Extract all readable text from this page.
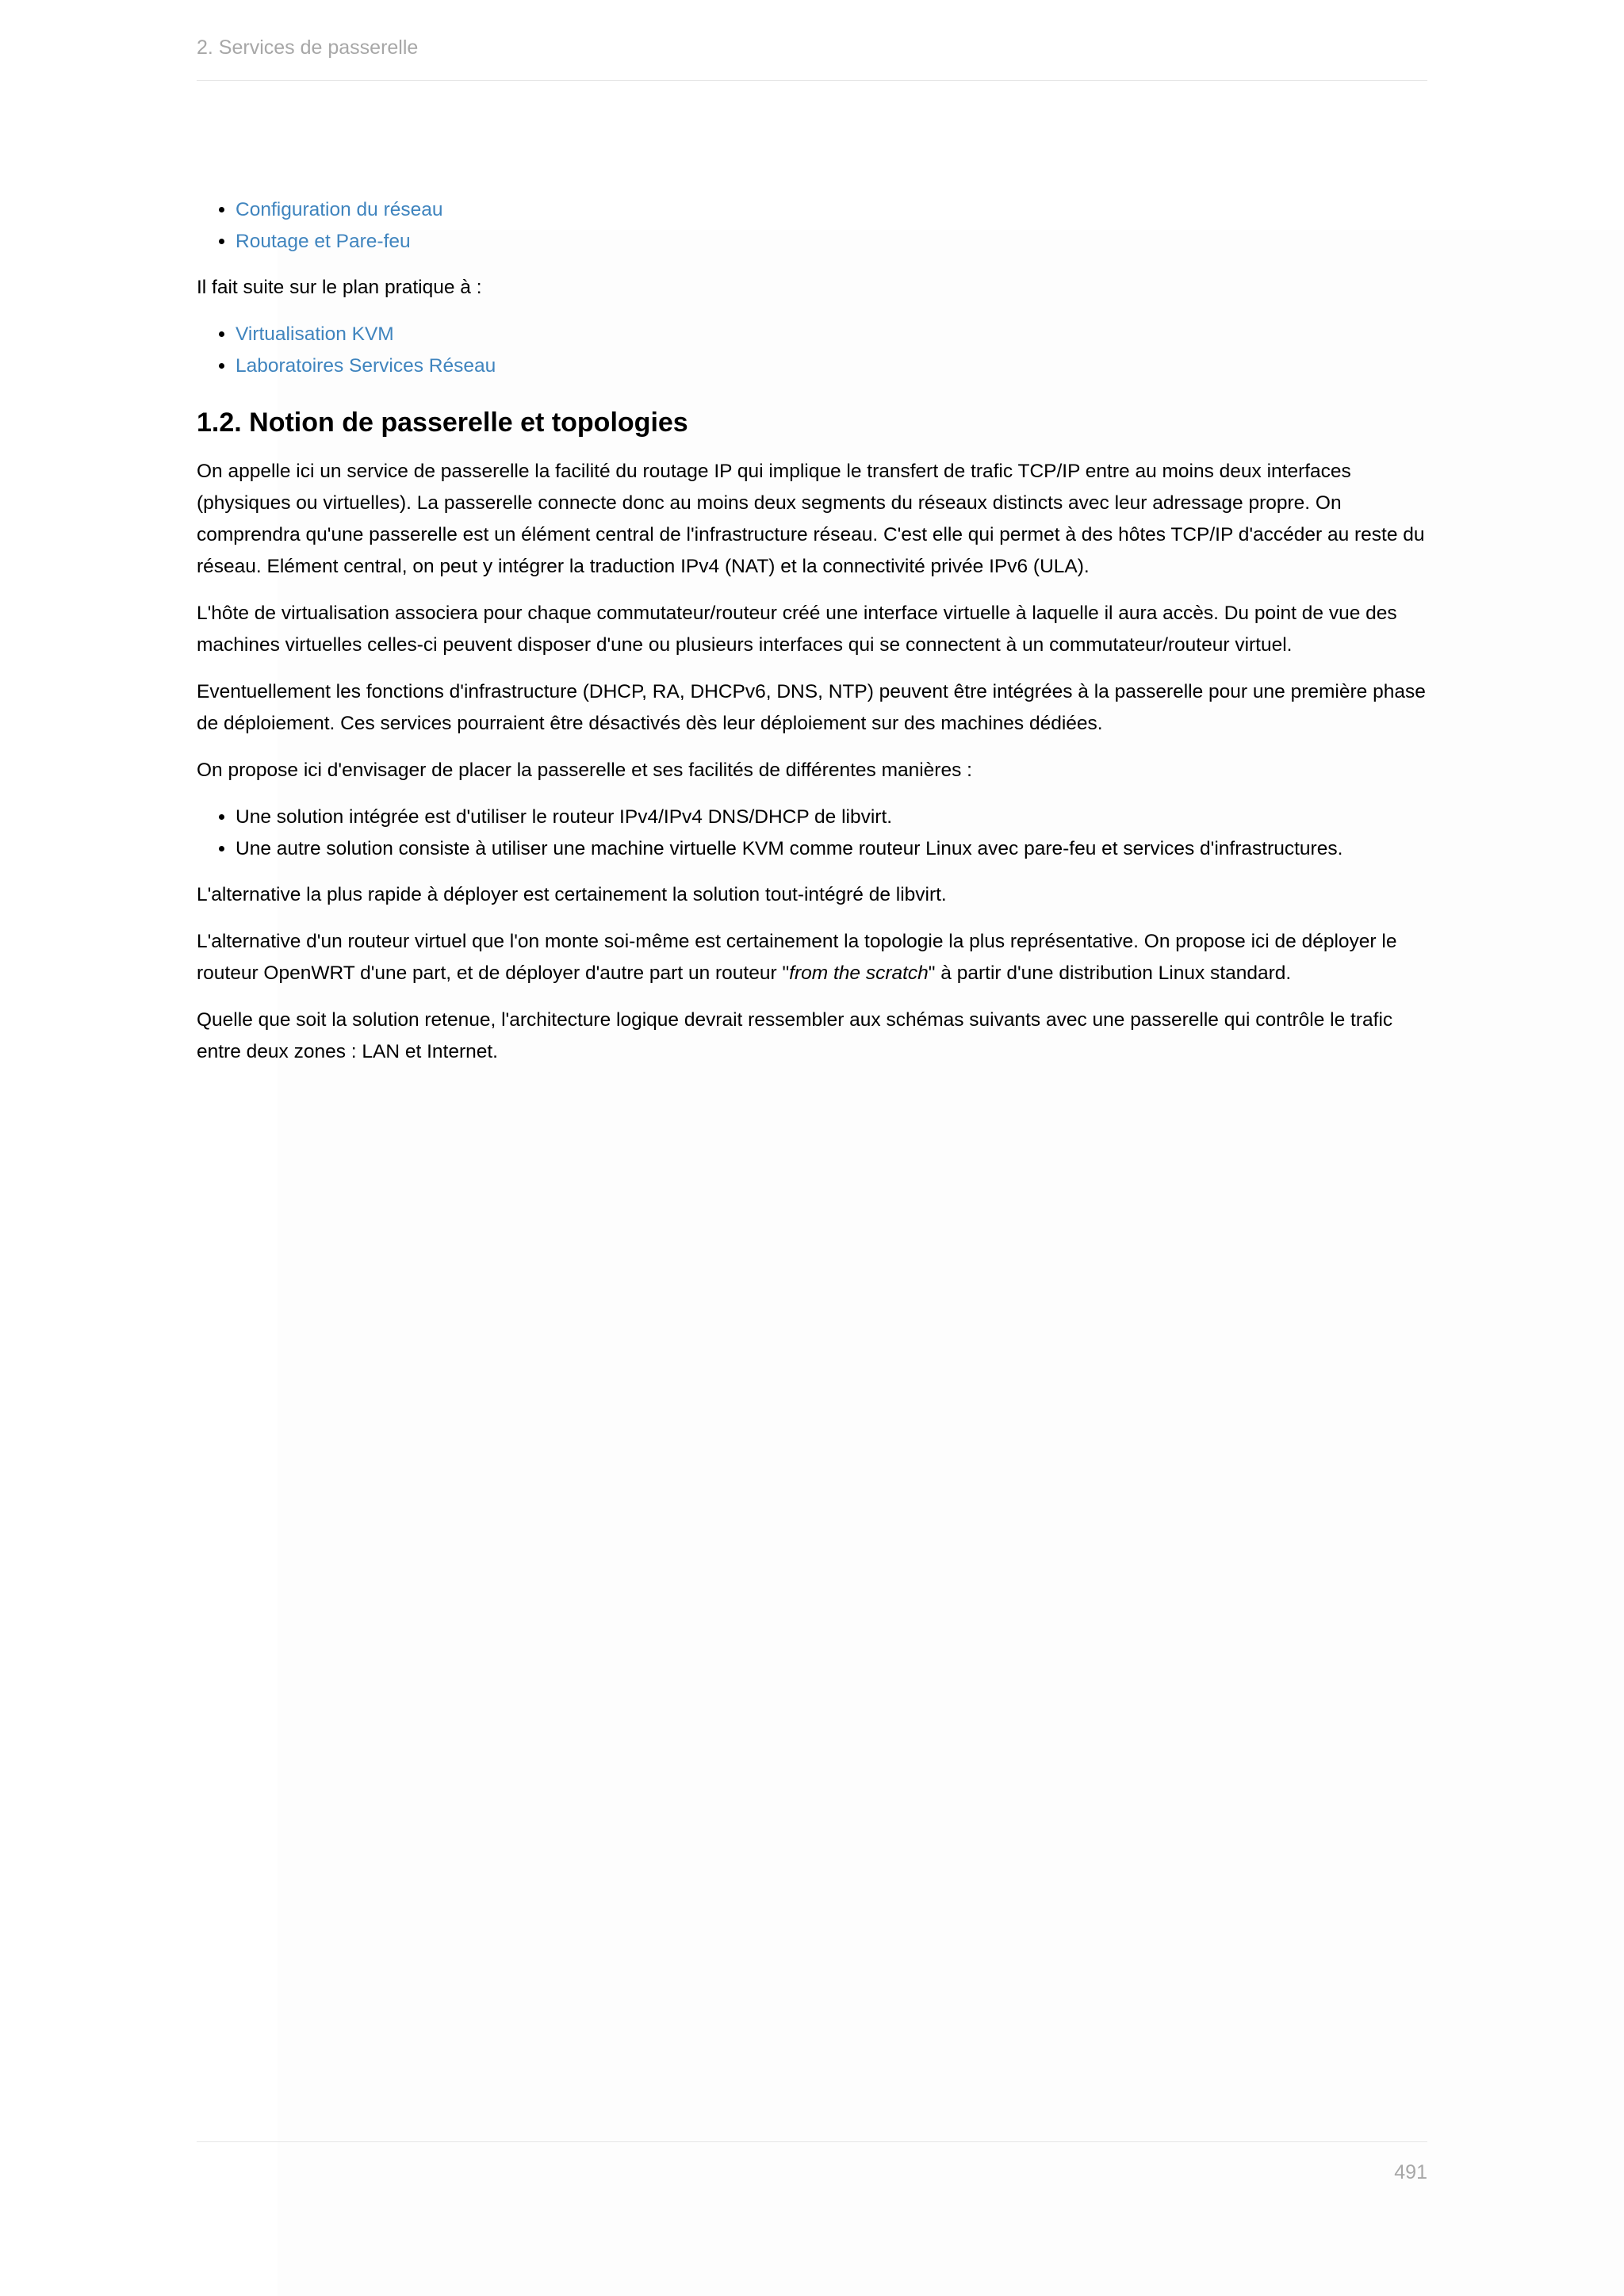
2. Services de passerelle
• Configuration du réseau
• Routage et Pare-feu

Il fait suite sur le plan pratique à :

• Virtualisation KVM
• Laboratoires Services Réseau
1.2. Notion de passerelle et topologies

On appelle ici un service de passerelle la facilité du routage IP qui implique le transfert de trafic TCP/IP entre au moins deux interfaces (physiques ou virtuelles). La passerelle connecte donc au moins deux segments du réseaux distincts avec leur adressage propre. On comprendra qu'une passerelle est un élément central de l'infrastructure réseau. C'est elle qui permet à des hôtes TCP/IP d'accéder au reste du réseau. Elément central, on peut y intégrer la traduction IPv4 (NAT) et la connectivité privée IPv6 (ULA).

L'hôte de virtualisation associera pour chaque commutateur/routeur créé une interface virtuelle à laquelle il aura accès. Du point de vue des machines virtuelles celles-ci peuvent disposer d'une ou plusieurs interfaces qui se connectent à un commutateur/routeur virtuel.

Eventuellement les fonctions d'infrastructure (DHCP, RA, DHCPv6, DNS, NTP) peuvent être intégrées à la passerelle pour une première phase de déploiement. Ces services pourraient être désactivés dès leur déploiement sur des machines dédiées.

On propose ici d'envisager de placer la passerelle et ses facilités de différentes manières :

• Une solution intégrée est d'utiliser le routeur IPv4/IPv4 DNS/DHCP de libvirt.
• Une autre solution consiste à utiliser une machine virtuelle KVM comme routeur Linux avec pare-feu et services d'infrastructures.

L'alternative la plus rapide à déployer est certainement la solution tout-intégré de libvirt.

L'alternative d'un routeur virtuel que l'on monte soi-même est certainement la topologie la plus représentative. On propose ici de déployer le routeur OpenWRT d'une part, et de déployer d'autre part un routeur "from the scratch" à partir d'une distribution Linux standard.

Quelle que soit la solution retenue, l'architecture logique devrait ressembler aux schémas suivants avec une passerelle qui contrôle le trafic entre deux zones : LAN et Internet.

491
